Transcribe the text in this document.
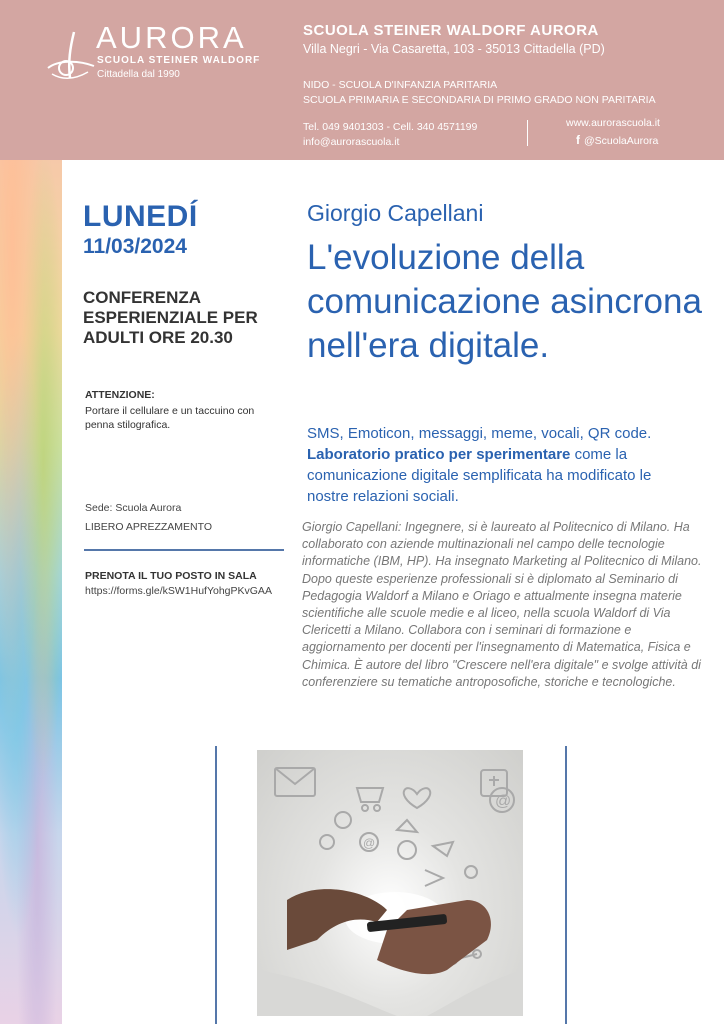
AURORA
SCUOLA STEINER WALDORF
Cittadella dal 1990
SCUOLA STEINER WALDORF AURORA
Villa Negri - Via Casaretta, 103 - 35013 Cittadella (PD)
NIDO - SCUOLA D'INFANZIA PARITARIA
SCUOLA PRIMARIA E SECONDARIA DI PRIMO GRADO NON PARITARIA
Tel. 049 9401303 - Cell. 340 4571199
info@aurorascuola.it
www.aurorascuola.it
f @ScuolaAurora
LUNEDÍ
11/03/2024
CONFERENZA ESPERIENZIALE PER ADULTI ORE 20.30
ATTENZIONE:
Portare il cellulare e un taccuino con penna stilografica.
Sede: Scuola Aurora
LIBERO APREZZAMENTO
PRENOTA IL TUO POSTO IN SALA
https://forms.gle/kSW1HufYohgPKvGAA
Giorgio Capellani
L'evoluzione della comunicazione asincrona nell'era digitale.
SMS, Emoticon, messaggi, meme, vocali, QR code.
Laboratorio pratico per sperimentare come la comunicazione digitale semplificata ha modificato le nostre relazioni sociali.
Giorgio Capellani: Ingegnere, si è laureato al Politecnico di Milano. Ha collaborato con aziende multinazionali nel campo delle tecnologie informatiche (IBM, HP). Ha insegnato Marketing al Politecnico di Milano. Dopo queste esperienze professionali si è diplomato al Seminario di Pedagogia Waldorf a Milano e Oriago e attualmente insegna materie scientifiche alle scuole medie e al liceo, nella scuola Waldorf di Via Clericetti a Milano. Collabora con i seminari di formazione e aggiornamento per docenti per l'insegnamento di Matematica, Fisica e Chimica. È autore del libro "Crescere nell'era digitale" e svolge attività di conferenziere su tematiche antroposofiche, storiche e tecnologiche.
@
@
